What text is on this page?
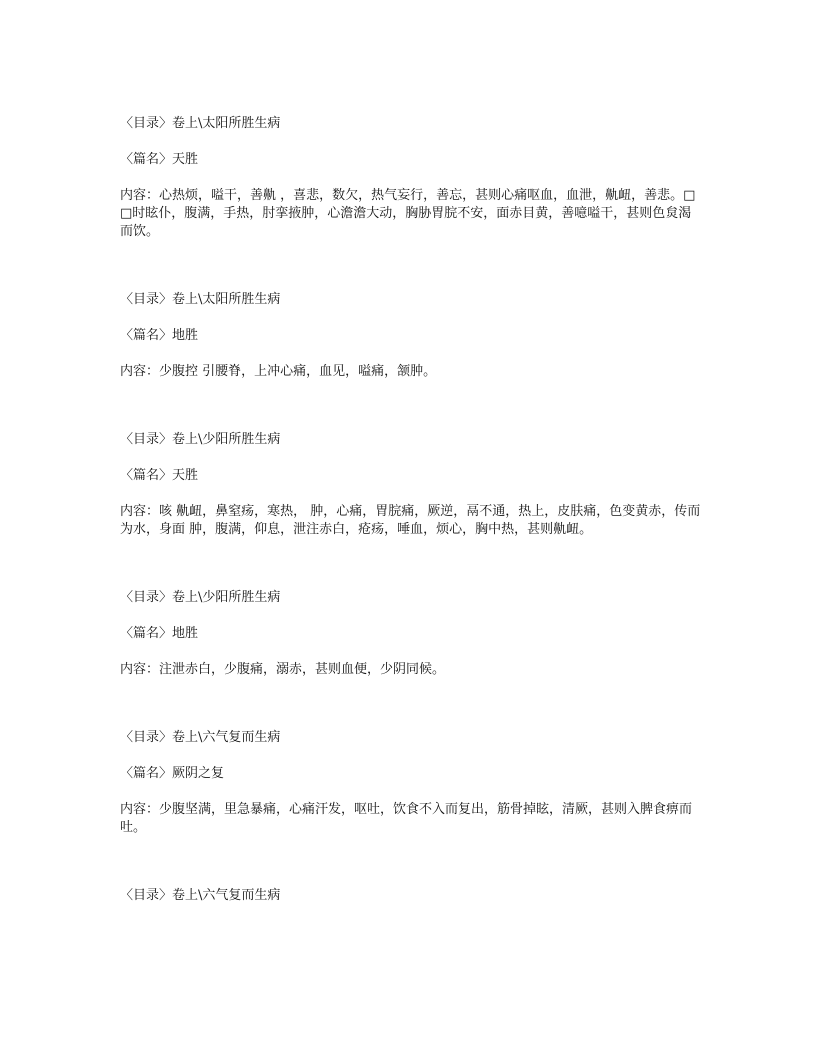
〈目录〉卷上\太阳所胜生病

〈篇名〉天胜

内容：心热烦，嗌干，善鼽 ，喜悲，数欠，热气妄行，善忘，甚则心痛呕血，血泄，鼽衄，善悲。□□时眩仆，腹满，手热，肘挛掖肿，心澹澹大动，胸胁胃脘不安，面赤目黄，善噫嗌干，甚则色炱渴而饮。

〈目录〉卷上\太阳所胜生病

〈篇名〉地胜

内容：少腹控 引腰脊，上冲心痛，血见，嗌痛，颔肿。

〈目录〉卷上\少阳所胜生病

〈篇名〉天胜

内容：咳 鼽衄，鼻窒疡，寒热， 肿，心痛，胃脘痛，厥逆，鬲不通，热上，皮肤痛，色变黄赤，传而为水，身面 肿，腹满，仰息，泄注赤白，疮疡，唾血，烦心，胸中热，甚则鼽衄。

〈目录〉卷上\少阳所胜生病

〈篇名〉地胜

内容：注泄赤白，少腹痛，溺赤，甚则血便，少阴同候。

〈目录〉卷上\六气复而生病

〈篇名〉厥阴之复

内容：少腹坚满，里急暴痛，心痛汗发，呕吐，饮食不入而复出，筋骨掉眩，清厥，甚则入脾食痹而吐。

〈目录〉卷上\六气复而生病
